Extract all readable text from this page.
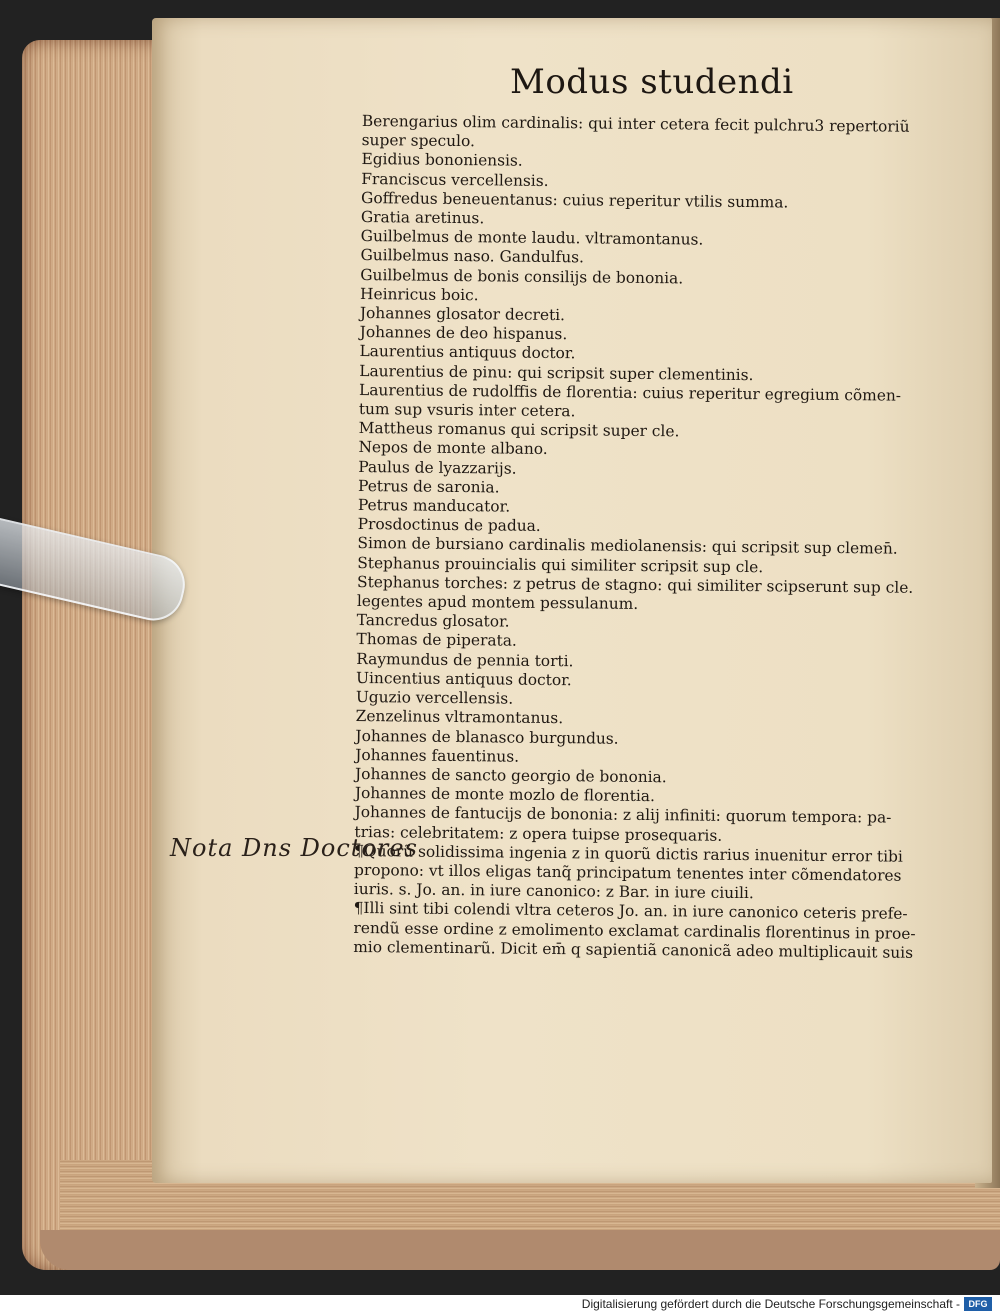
Modus studendi
Berengarius olim cardinalis: qui inter cetera fecit pulchru3 repertoriũ
super speculo.
Egidius bononiensis.
Franciscus vercellensis.
Goffredus beneuentanus: cuius reperitur vtilis summa.
Gratia aretinus.
Guilbelmus de monte laudu. vltramontanus.
Guilbelmus naso. Gandulfus.
Guilbelmus de bonis consilijs de bononia.
Heinricus boic.
Johannes glosator decreti.
Johannes de deo hispanus.
Laurentius antiquus doctor.
Laurentius de pinu: qui scripsit super clementinis.
Laurentius de rudolffis de florentia: cuius reperitur egregium cõmen-
tum sup vsuris inter cetera.
Mattheus romanus qui scripsit super cle.
Nepos de monte albano.
Paulus de lyazzarijs.
Petrus de saronia.
Petrus manducator.
Prosdoctinus de padua.
Simon de bursiano cardinalis mediolanensis: qui scripsit sup clemen̄.
Stephanus prouincialis qui similiter scripsit sup cle.
Stephanus torches: z petrus de stagno: qui similiter scipserunt sup cle.
legentes apud montem pessulanum.
Tancredus glosator.
Thomas de piperata.
Raymundus de pennia torti.
Uincentius antiquus doctor.
Uguzio vercellensis.
Zenzelinus vltramontanus.
Johannes de blanasco burgundus.
Johannes fauentinus.
Johannes de sancto georgio de bononia.
Johannes de monte mozlo de florentia.
Johannes de fantucijs de bononia: z alij infiniti: quorum tempora: pa-
trias: celebritatem: z opera tuipse prosequaris.
¶Quorũ solidissima ingenia z in quorũ dictis rarius inuenitur error tibi
propono: vt illos eligas tanq̃ principatum tenentes inter cõmendatores
iuris. s. Jo. an. in iure canonico: z Bar. in iure ciuili.
¶Illi sint tibi colendi vltra ceteros Jo. an. in iure canonico ceteris prefe-
rendũ esse ordine z emolimento exclamat cardinalis florentinus in proe-
mio clementinarũ. Dicit em̄ q sapientiã canonicã adeo multiplicauit suis
Nota Dns Doctores
Digitalisierung gefördert durch die Deutsche Forschungsgemeinschaft - DFG
